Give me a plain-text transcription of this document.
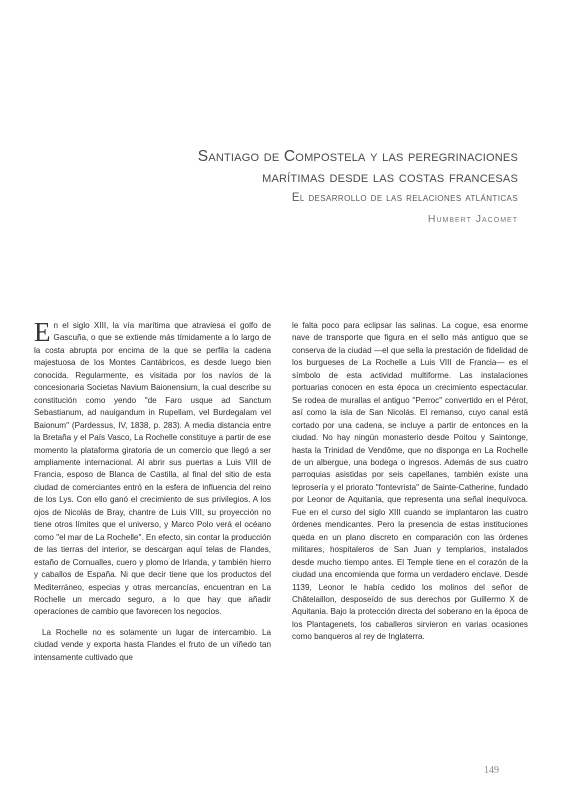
Santiago de Compostela y las peregrinaciones
marítimas desde las costas francesas
El desarrollo de las relaciones atlánticas
Humbert Jacomet

En el siglo XIII, la vía marítima que atraviesa el golfo de Gascuña, o que se extiende más tímidamente a lo largo de la costa abrupta por encima de la que se perfila la cadena majestuosa de los Montes Cantábricos, es desde luego bien conocida. Regularmente, es visitada por los navíos de la concesionaria Societas Navium Baionensium, la cual describe su constitución como yendo "de Faro usque ad Sanctum Sebastianum, ad nauigandum in Rupellam, vel Burdegalam vel Baionum" (Pardessus, IV, 1838, p. 283). A media distancia entre la Bretaña y el País Vasco, La Rochelle constituye a partir de ese momento la plataforma giratoria de un comercio que llegó a ser ampliamente internacional. Al abrir sus puertas a Luis VIII de Francia, esposo de Blanca de Castilla, al final del sitio de esta ciudad de comerciantes entró en la esfera de influencia del reino de los Lys. Con ello ganó el crecimiento de sus privilegios. A los ojos de Nicolás de Bray, chantre de Luis VIII, su proyección no tiene otros límites que el universo, y Marco Polo verá el océano como "el mar de La Rochelle". En efecto, sin contar la producción de las tierras del interior, se descargan aquí telas de Flandes, estaño de Cornualles, cuero y plomo de Irlanda, y también hierro y caballos de España. Ni que decir tiene que los productos del Mediterráneo, especias y otras mercancías, encuentran en La Rochelle un mercado seguro, a lo que hay que añadir operaciones de cambio que favorecen los negocios.

La Rochelle no es solamente un lugar de intercambio. La ciudad vende y exporta hasta Flandes el fruto de un viñedo tan intensamente cultivado que

le falta poco para eclipsar las salinas. La cogue, esa enorme nave de transporte que figura en el sello más antiguo que se conserva de la ciudad —el que sella la prestación de fidelidad de los burgueses de La Rochelle a Luis VIII de Francia— es el símbolo de esta actividad multiforme. Las instalaciones portuarias conocen en esta época un crecimiento espectacular. Se rodea de murallas el antiguo "Perroc" convertido en el Pérot, así como la isla de San Nicolás. El remanso, cuyo canal está cortado por una cadena, se incluye a partir de entonces en la ciudad. No hay ningún monasterio desde Poitou y Saintonge, hasta la Trinidad de Vendôme, que no disponga en La Rochelle de un albergue, una bodega o ingresos. Además de sus cuatro parroquias asistidas por seis capellanes, también existe una leprosería y el priorato "fontevrista" de Sainte-Catherine, fundado por Leonor de Aquitania, que representa una señal inequívoca. Fue en el curso del siglo XIII cuando se implantaron las cuatro órdenes mendicantes. Pero la presencia de estas instituciones queda en un plano discreto en comparación con las órdenes militares, hospitaleros de San Juan y templarios, instalados desde mucho tiempo antes. El Temple tiene en el corazón de la ciudad una encomienda que forma un verdadero enclave. Desde 1139, Leonor le había cedido los molinos del señor de Châtelaillon, desposeído de sus derechos por Guillermo X de Aquitania. Bajo la protección directa del soberano en la época de los Plantagenets, los caballeros sirvieron en varias ocasiones como banqueros al rey de Inglaterra.

149
